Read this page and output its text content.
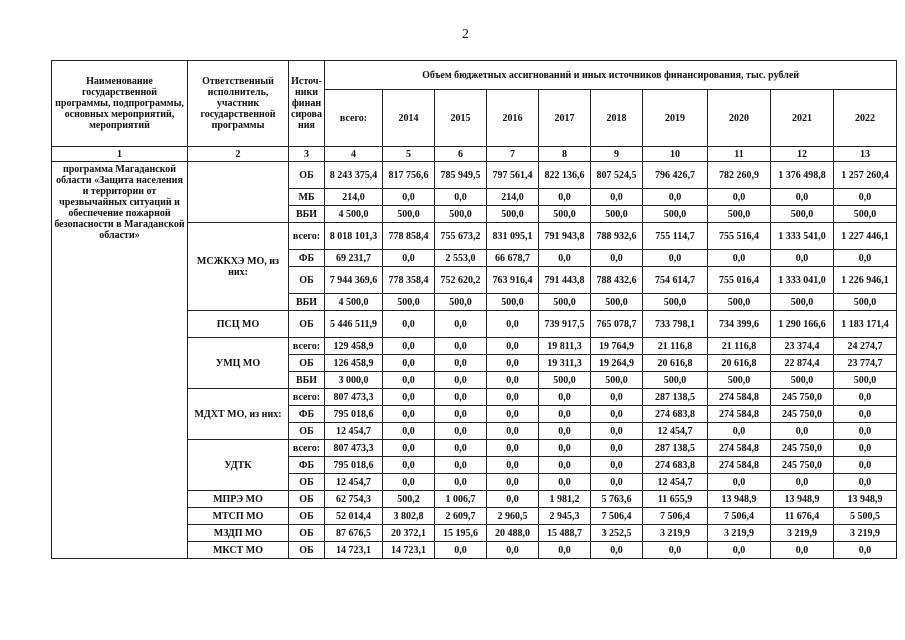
2
Наименование государственной программы, подпрограммы, основных мероприятий, мероприятий	Ответственный исполнитель, участник государственной программы	Источ-ники финан сирова ния	Объем бюджетных ассигнований и иных источников финансирования, тыс. рублей									
			всего:	2014	2015	2016	2017	2018	2019	2020	2021	2022
1	2	3	4	5	6	7	8	9	10	11	12	13
программа Магаданской области «Защита населения и территории от чрезвычайных ситуаций и обеспечение пожарной безопасности в Магаданской области»		ОБ	8 243 375,4	817 756,6	785 949,5	797 561,4	822 136,6	807 524,5	796 426,7	782 260,9	1 376 498,8	1 257 260,4
		МБ	214,0	0,0	0,0	214,0	0,0	0,0	0,0	0,0	0,0	0,0
		ВБИ	4 500,0	500,0	500,0	500,0	500,0	500,0	500,0	500,0	500,0	500,0
	МСЖКХЭ МО, из них:	всего:	8 018 101,3	778 858,4	755 673,2	831 095,1	791 943,8	788 932,6	755 114,7	755 516,4	1 333 541,0	1 227 446,1
		ФБ	69 231,7	0,0	2 553,0	66 678,7	0,0	0,0	0,0	0,0	0,0	0,0
		ОБ	7 944 369,6	778 358,4	752 620,2	763 916,4	791 443,8	788 432,6	754 614,7	755 016,4	1 333 041,0	1 226 946,1
		ВБИ	4 500,0	500,0	500,0	500,0	500,0	500,0	500,0	500,0	500,0	500,0
	ПСЦ МО	ОБ	5 446 511,9	0,0	0,0	0,0	739 917,5	765 078,7	733 798,1	734 399,6	1 290 166,6	1 183 171,4
	УМЦ МО	всего:	129 458,9	0,0	0,0	0,0	19 811,3	19 764,9	21 116,8	21 116,8	23 374,4	24 274,7
		ОБ	126 458,9	0,0	0,0	0,0	19 311,3	19 264,9	20 616,8	20 616,8	22 874,4	23 774,7
		ВБИ	3 000,0	0,0	0,0	0,0	500,0	500,0	500,0	500,0	500,0	500,0
	МДХТ МО, из них:	всего:	807 473,3	0,0	0,0	0,0	0,0	0,0	287 138,5	274 584,8	245 750,0	0,0
		ФБ	795 018,6	0,0	0,0	0,0	0,0	0,0	274 683,8	274 584,8	245 750,0	0,0
		ОБ	12 454,7	0,0	0,0	0,0	0,0	0,0	12 454,7	0,0	0,0	0,0
	УДТК	всего:	807 473,3	0,0	0,0	0,0	0,0	0,0	287 138,5	274 584,8	245 750,0	0,0
		ФБ	795 018,6	0,0	0,0	0,0	0,0	0,0	274 683,8	274 584,8	245 750,0	0,0
		ОБ	12 454,7	0,0	0,0	0,0	0,0	0,0	12 454,7	0,0	0,0	0,0
	МПРЭ МО	ОБ	62 754,3	500,2	1 006,7	0,0	1 981,2	5 763,6	11 655,9	13 948,9	13 948,9	13 948,9
	МТСП МО	ОБ	52 014,4	3 802,8	2 609,7	2 960,5	2 945,3	7 506,4	7 506,4	7 506,4	11 676,4	5 500,5
	МЗДП МО	ОБ	87 676,5	20 372,1	15 195,6	20 488,0	15 488,7	3 252,5	3 219,9	3 219,9	3 219,9	3 219,9
	МКСТ МО	ОБ	14 723,1	14 723,1	0,0	0,0	0,0	0,0	0,0	0,0	0,0	0,0
